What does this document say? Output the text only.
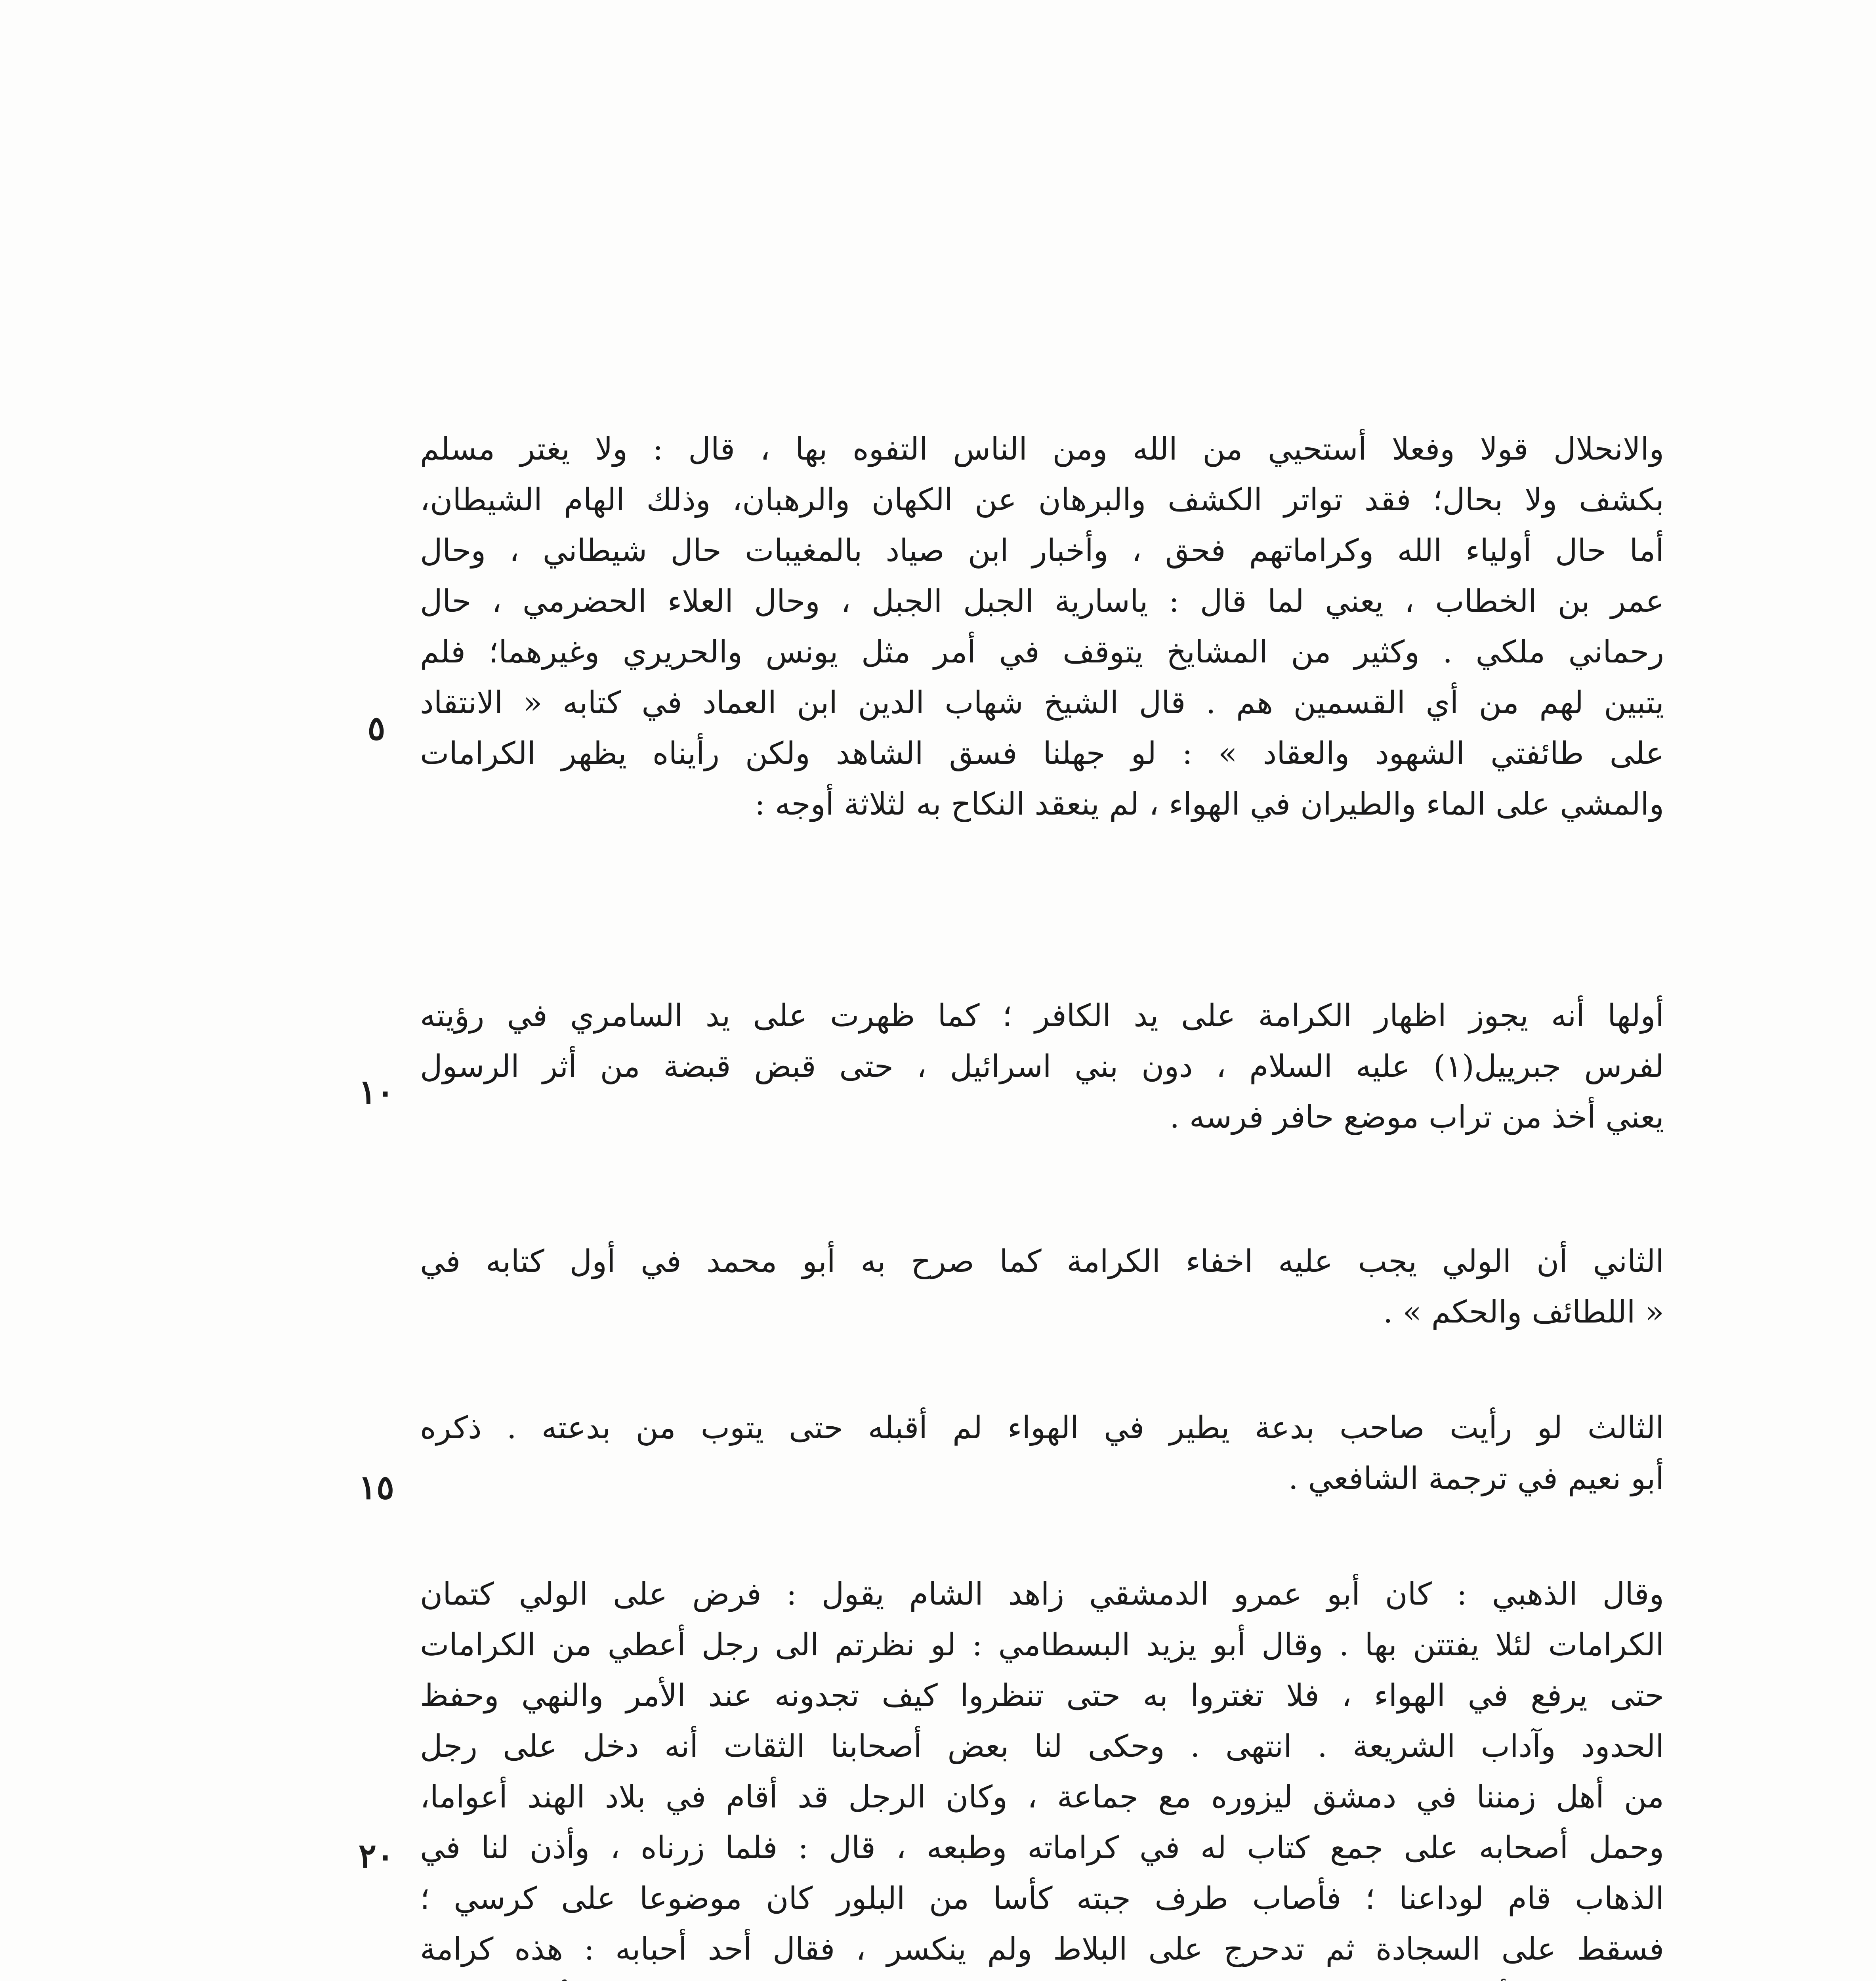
والانحلال قولا وفعلا أستحيي من الله ومن الناس التفوه بها ، قال : ولا يغتر مسلم
بكشف ولا بحال؛ فقد تواتر الكشف والبرهان عن الكهان والرهبان، وذلك الهام الشيطان،
أما حال أولياء الله وكراماتهم فحق ، وأخبار ابن صياد بالمغيبات حال شيطاني ، وحال
عمر بن الخطاب ، يعني لما قال : ياسارية الجبل الجبل ، وحال العلاء الحضرمي ، حال
رحماني ملكي . وكثير من المشايخ يتوقف في أمر مثل يونس والحريري وغيرهما؛ فلم
يتبين لهم من أي القسمين هم . قال الشيخ شهاب الدين ابن العماد في كتابه « الانتقاد
على طائفتي الشهود والعقاد » : لو جهلنا فسق الشاهد ولكن رأيناه يظهر الكرامات
والمشي على الماء والطيران في الهواء ، لم ينعقد النكاح به لثلاثة أوجه :
أولها أنه يجوز اظهار الكرامة على يد الكافر ؛ كما ظهرت على يد السامري في رؤيته
لفرس جبرييل(١) عليه السلام ، دون بني اسرائيل ، حتى قبض قبضة من أثر الرسول
يعني أخذ من تراب موضع حافر فرسه .
الثاني أن الولي يجب عليه اخفاء الكرامة كما صرح به أبو محمد في أول كتابه في
« اللطائف والحكم » .
الثالث لو رأيت صاحب بدعة يطير في الهواء لم أقبله حتى يتوب من بدعته . ذكره
أبو نعيم في ترجمة الشافعي .
وقال الذهبي : كان أبو عمرو الدمشقي زاهد الشام يقول : فرض على الولي كتمان
الكرامات لئلا يفتتن بها . وقال أبو يزيد البسطامي : لو نظرتم الى رجل أعطي من الكرامات
حتى يرفع في الهواء ، فلا تغتروا به حتى تنظروا كيف تجدونه عند الأمر والنهي وحفظ
الحدود وآداب الشريعة . انتهى . وحكى لنا بعض أصحابنا الثقات أنه دخل على رجل
من أهل زمننا في دمشق ليزوره مع جماعة ، وكان الرجل قد أقام في بلاد الهند أعواما،
وحمل أصحابه على جمع كتاب له في كراماته وطبعه ، قال : فلما زرناه ، وأذن لنا في
الذهاب قام لوداعنا ؛ فأصاب طرف جبته كأسا من البلور كان موضوعا على كرسي ؛
فسقط على السجادة ثم تدحرج على البلاط ولم ينكسر ، فقال أحد أحبابه : هذه كرامة
٥
١٠
١٥
٢٠
